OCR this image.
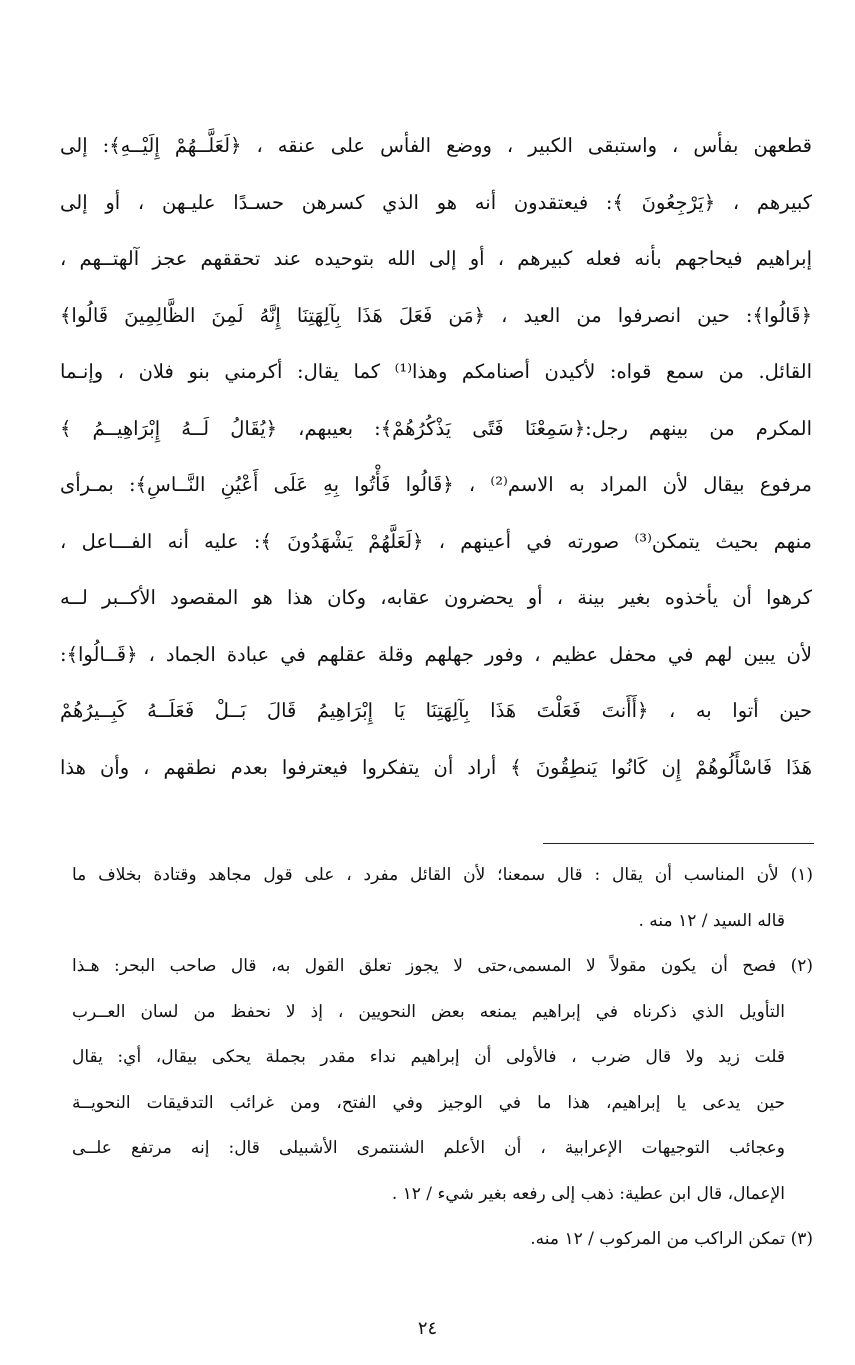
قطعهن بفأس ، واستبقى الكبير ، ووضع الفأس على عنقه ، ﴿لَعَلَّــهُمْ إِلَيْــهِ﴾: إلى
كبيرهم ، ﴿يَرْجِعُونَ ﴾: فيعتقدون أنه هو الذي كسرهن حسـدًا عليـهن ، أو إلى
إبراهيم فيحاجهم بأنه فعله كبيرهم ، أو إلى الله بتوحيده عند تحققهم عجز آلهتــهم ،
﴿قَالُوا﴾: حين انصرفوا من العيد ، ﴿مَن فَعَلَ هَذَا بِآلِهَتِنَا إِنَّهُ لَمِنَ الظَّالِمِينَ قَالُوا﴾
القائل. من سمع قواه: لأكيدن أصنامكم وهذا⁽¹⁾ كما يقال: أكرمني بنو فلان ، وإنـما
المكرم من بينهم رجل:﴿سَمِعْنَا فَتًى يَذْكُرُهُمْ﴾: بعيبهم، ﴿يُقَالُ لَــهُ إِبْرَاهِيــمُ ﴾
مرفوع بيقال لأن المراد به الاسم⁽²⁾ ، ﴿قَالُوا فَأْتُوا بِهِ عَلَى أَعْيُنِ النَّــاسِ﴾: بمـرأى
منهم بحيث يتمكن⁽³⁾ صورته في أعينهم ، ﴿لَعَلَّهُمْ يَشْهَدُونَ ﴾: عليه أنه الفـــاعل ،
كرهوا أن يأخذوه بغير بينة ، أو يحضرون عقابه، وكان هذا هو المقصود الأكــبر لــه
لأن يبين لهم في محفل عظيم ، وفور جهلهم وقلة عقلهم في عبادة الجماد ، ﴿قَــالُوا﴾:
حين أتوا به ، ﴿أَأَنتَ فَعَلْتَ هَذَا بِآلِهَتِنَا يَا إِبْرَاهِيمُ قَالَ بَــلْ فَعَلَــهُ كَبِــيرُهُمْ
هَذَا فَاسْأَلُوهُمْ إِن كَانُوا يَنطِقُونَ ﴾ أراد أن يتفكروا فيعترفوا بعدم نطقهم ، وأن هذا
(١) لأن المناسب أن يقال : قال سمعنا؛ لأن القائل مفرد ، على قول مجاهد وقتادة بخلاف ما
قاله السيد / ١٢ منه .
(٢) فصح أن يكون مقولاً لا المسمى،حتى لا يجوز تعلق القول به، قال صاحب البحر: هـذا
التأويل الذي ذكرناه في إبراهيم يمنعه بعض النحويين ، إذ لا نحفظ من لسان العــرب
قلت زيد ولا قال ضرب ، فالأولى أن إبراهيم نداء مقدر بجملة يحكى بيقال، أي: يقال
حين يدعى يا إبراهيم، هذا ما في الوجيز وفي الفتح، ومن غرائب التدقيقات النحويــة
وعجائب التوجيهات الإعرابية ، أن الأعلم الشنتمرى الأشبيلى قال: إنه مرتفع علــى
الإعمال، قال ابن عطية: ذهب إلى رفعه بغير شيء / ١٢ .
(٣) تمكن الراكب من المركوب / ١٢ منه.
٢٤
